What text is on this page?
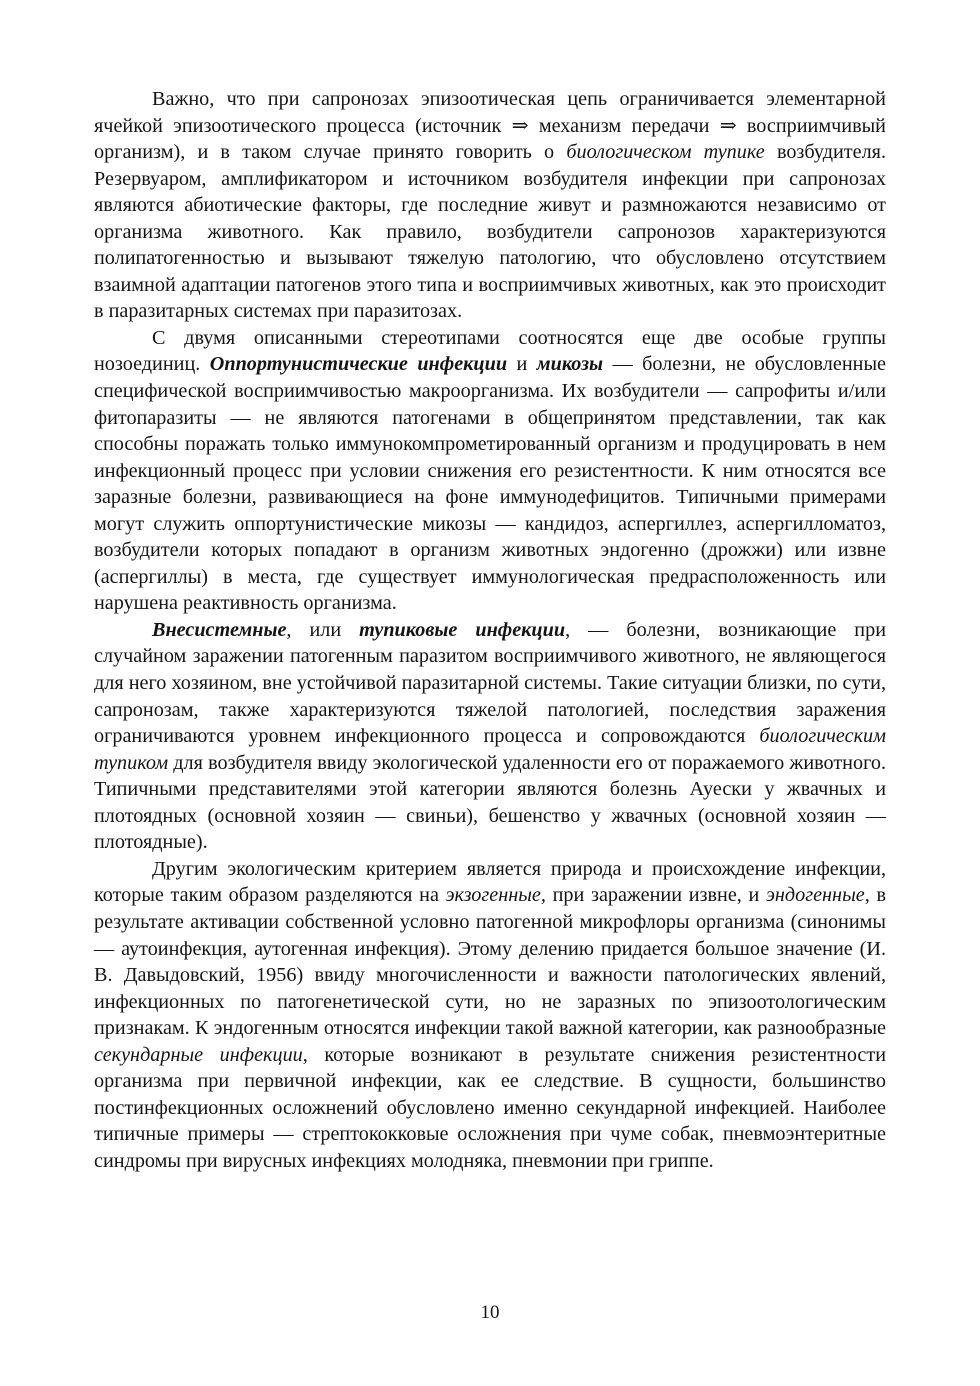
Важно, что при сапронозах эпизоотическая цепь ограничивается элементарной ячейкой эпизоотического процесса (источник ⇒ механизм передачи ⇒ восприимчивый организм), и в таком случае принято говорить о биологическом тупике возбудителя. Резервуаром, амплификатором и источником возбудителя инфекции при сапронозах являются абиотические факторы, где последние живут и размножаются независимо от организма животного. Как правило, возбудители сапронозов характеризуются полипатогенностью и вызывают тяжелую патологию, что обусловлено отсутствием взаимной адаптации патогенов этого типа и восприимчивых животных, как это происходит в паразитарных системах при паразитозах.

С двумя описанными стереотипами соотносятся еще две особые группы нозоединиц. Оппортунистические инфекции и микозы — болезни, не обусловленные специфической восприимчивостью макроорганизма. Их возбудители — сапрофиты и/или фитопаразиты — не являются патогенами в общепринятом представлении, так как способны поражать только иммунокомпрометированный организм и продуцировать в нем инфекционный процесс при условии снижения его резистентности. К ним относятся все заразные болезни, развивающиеся на фоне иммунодефицитов. Типичными примерами могут служить оппортунистические микозы — кандидоз, аспергиллез, аспергилломатоз, возбудители которых попадают в организм животных эндогенно (дрожжи) или извне (аспергиллы) в места, где существует иммунологическая предрасположенность или нарушена реактивность организма.

Внесистемные, или тупиковые инфекции, — болезни, возникающие при случайном заражении патогенным паразитом восприимчивого животного, не являющегося для него хозяином, вне устойчивой паразитарной системы. Такие ситуации близки, по сути, сапронозам, также характеризуются тяжелой патологией, последствия заражения ограничиваются уровнем инфекционного процесса и сопровождаются биологическим тупиком для возбудителя ввиду экологической удаленности его от поражаемого животного. Типичными представителями этой категории являются болезнь Ауески у жвачных и плотоядных (основной хозяин — свиньи), бешенство у жвачных (основной хозяин — плотоядные).

Другим экологическим критерием является природа и происхождение инфекции, которые таким образом разделяются на экзогенные, при заражении извне, и эндогенные, в результате активации собственной условно патогенной микрофлоры организма (синонимы — аутоинфекция, аутогенная инфекция). Этому делению придается большое значение (И. В. Давыдовский, 1956) ввиду многочисленности и важности патологических явлений, инфекционных по патогенетической сути, но не заразных по эпизоотологическим признакам. К эндогенным относятся инфекции такой важной категории, как разнообразные секундарные инфекции, которые возникают в результате снижения резистентности организма при первичной инфекции, как ее следствие. В сущности, большинство постинфекционных осложнений обусловлено именно секундарной инфекцией. Наиболее типичные примеры — стрептококковые осложнения при чуме собак, пневмоэнтеритные синдромы при вирусных инфекциях молодняка, пневмонии при гриппе.

10
